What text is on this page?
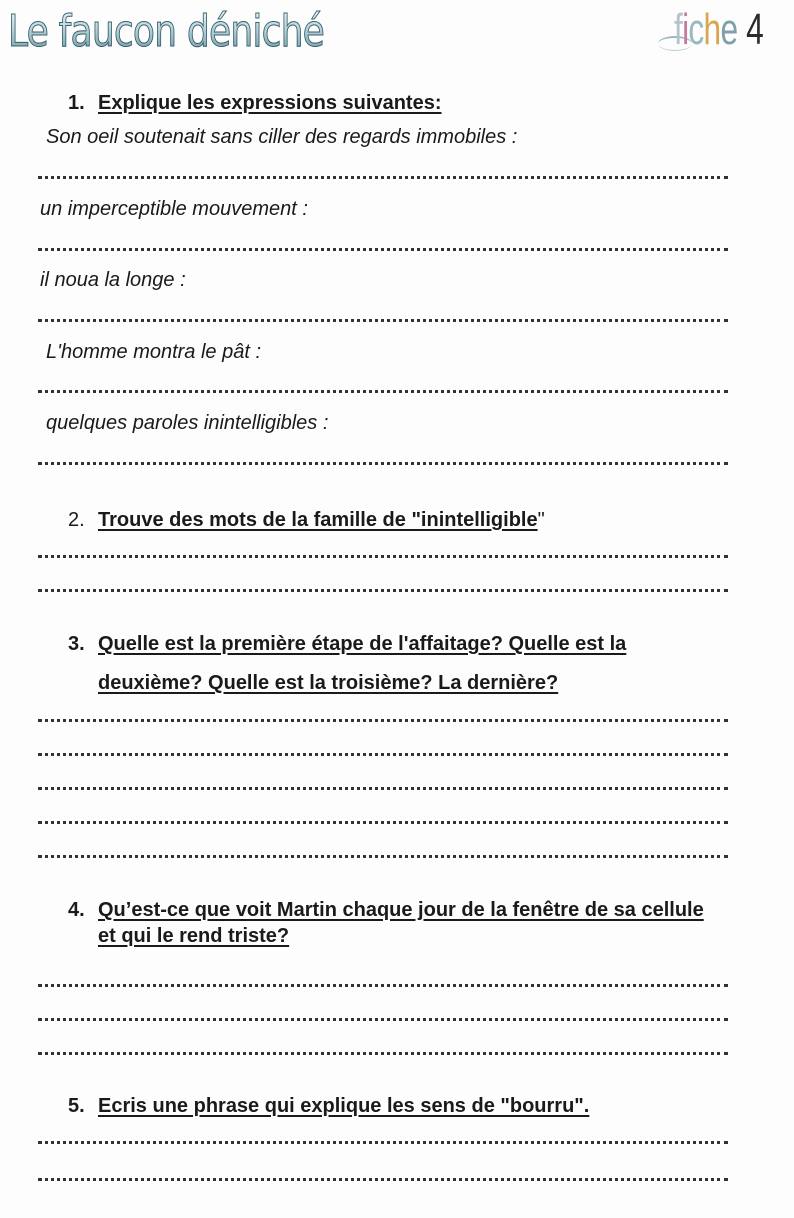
Le faucon déniché	fiche 4
1. Explique les expressions suivantes:
Son oeil soutenait sans ciller des regards immobiles :
un imperceptible mouvement :
il noua la longe :
L'homme montra le pât :
quelques paroles inintelligibles :
2. Trouve des mots de la famille de "inintelligible"
3. Quelle est la première étape de l'affaitage? Quelle est la deuxième? Quelle est la troisième? La dernière?
4. Qu’est-ce que voit Martin chaque jour de la fenêtre de sa cellule et qui le rend triste?
5. Ecris une phrase qui explique les sens de "bourru".
